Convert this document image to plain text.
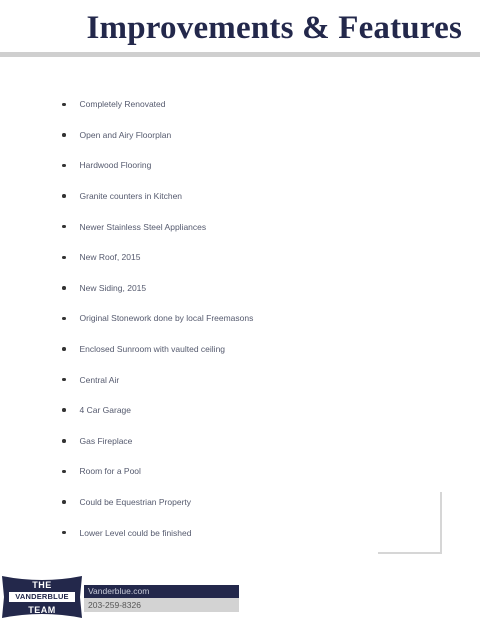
Improvements & Features
Completely Renovated
Open and Airy Floorplan
Hardwood Flooring
Granite counters in Kitchen
Newer Stainless Steel Appliances
New Roof, 2015
New Siding, 2015
Original Stonework done by local Freemasons
Enclosed Sunroom with vaulted ceiling
Central Air
4 Car Garage
Gas Fireplace
Room for a Pool
Could be Equestrian Property
Lower Level could be finished
THE
VANDERBLUE
TEAM
Vanderblue.com
203-259-8326
